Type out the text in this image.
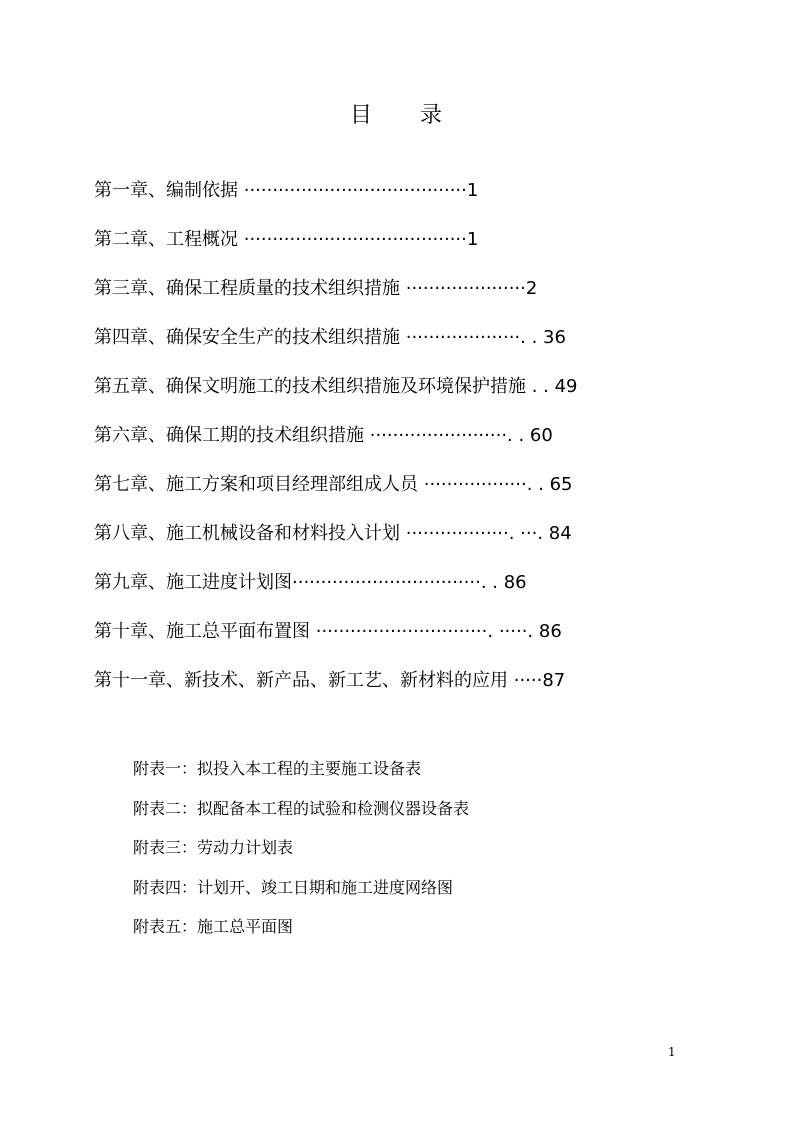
目 录
第一章、编制依据 ·······································1
第二章、工程概况 ·······································1
第三章、确保工程质量的技术组织措施 ·····················2
第四章、确保安全生产的技术组织措施 ····················. . 36
第五章、确保文明施工的技术组织措施及环境保护措施 . . 49
第六章、确保工期的技术组织措施 ························. . 60
第七章、施工方案和项目经理部组成人员 ··················. . 65
第八章、施工机械设备和材料投入计划 ··················. ···. 84
第九章、施工进度计划图·································. . 86
第十章、施工总平面布置图 ······························. ·····. 86
第十一章、新技术、新产品、新工艺、新材料的应用 ·····87
附表一：拟投入本工程的主要施工设备表
附表二：拟配备本工程的试验和检测仪器设备表
附表三：劳动力计划表
附表四：计划开、竣工日期和施工进度网络图
附表五：施工总平面图
1
